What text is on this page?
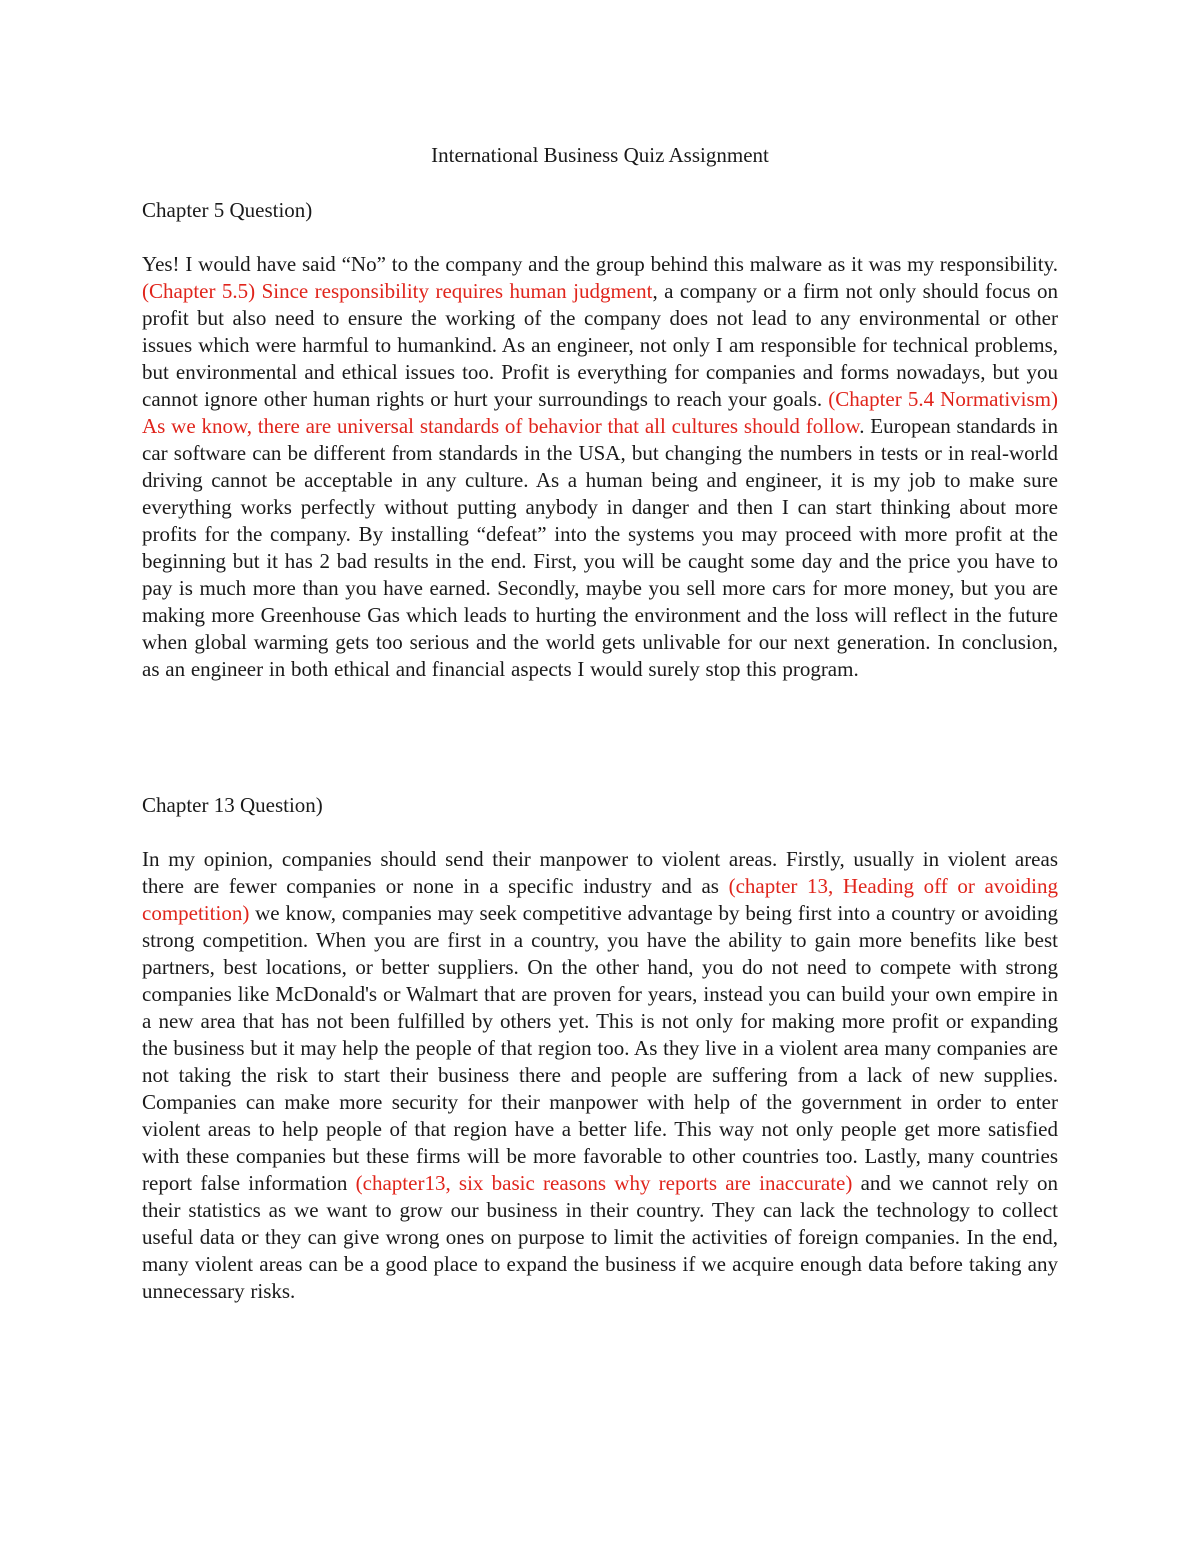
International Business Quiz Assignment
Chapter 5 Question)
Yes! I would have said “No” to the company and the group behind this malware as it was my responsibility. (Chapter 5.5) Since responsibility requires human judgment, a company or a firm not only should focus on profit but also need to ensure the working of the company does not lead to any environmental or other issues which were harmful to humankind. As an engineer, not only I am responsible for technical problems, but environmental and ethical issues too. Profit is everything for companies and forms nowadays, but you cannot ignore other human rights or hurt your surroundings to reach your goals. (Chapter 5.4 Normativism) As we know, there are universal standards of behavior that all cultures should follow. European standards in car software can be different from standards in the USA, but changing the numbers in tests or in real-world driving cannot be acceptable in any culture. As a human being and engineer, it is my job to make sure everything works perfectly without putting anybody in danger and then I can start thinking about more profits for the company. By installing “defeat” into the systems you may proceed with more profit at the beginning but it has 2 bad results in the end. First, you will be caught some day and the price you have to pay is much more than you have earned. Secondly, maybe you sell more cars for more money, but you are making more Greenhouse Gas which leads to hurting the environment and the loss will reflect in the future when global warming gets too serious and the world gets unlivable for our next generation. In conclusion, as an engineer in both ethical and financial aspects I would surely stop this program.
Chapter 13 Question)
In my opinion, companies should send their manpower to violent areas. Firstly, usually in violent areas there are fewer companies or none in a specific industry and as (chapter 13, Heading off or avoiding competition) we know, companies may seek competitive advantage by being first into a country or avoiding strong competition. When you are first in a country, you have the ability to gain more benefits like best partners, best locations, or better suppliers. On the other hand, you do not need to compete with strong companies like McDonald's or Walmart that are proven for years, instead you can build your own empire in a new area that has not been fulfilled by others yet. This is not only for making more profit or expanding the business but it may help the people of that region too. As they live in a violent area many companies are not taking the risk to start their business there and people are suffering from a lack of new supplies. Companies can make more security for their manpower with help of the government in order to enter violent areas to help people of that region have a better life. This way not only people get more satisfied with these companies but these firms will be more favorable to other countries too. Lastly, many countries report false information (chapter13, six basic reasons why reports are inaccurate) and we cannot rely on their statistics as we want to grow our business in their country. They can lack the technology to collect useful data or they can give wrong ones on purpose to limit the activities of foreign companies. In the end, many violent areas can be a good place to expand the business if we acquire enough data before taking any unnecessary risks.
